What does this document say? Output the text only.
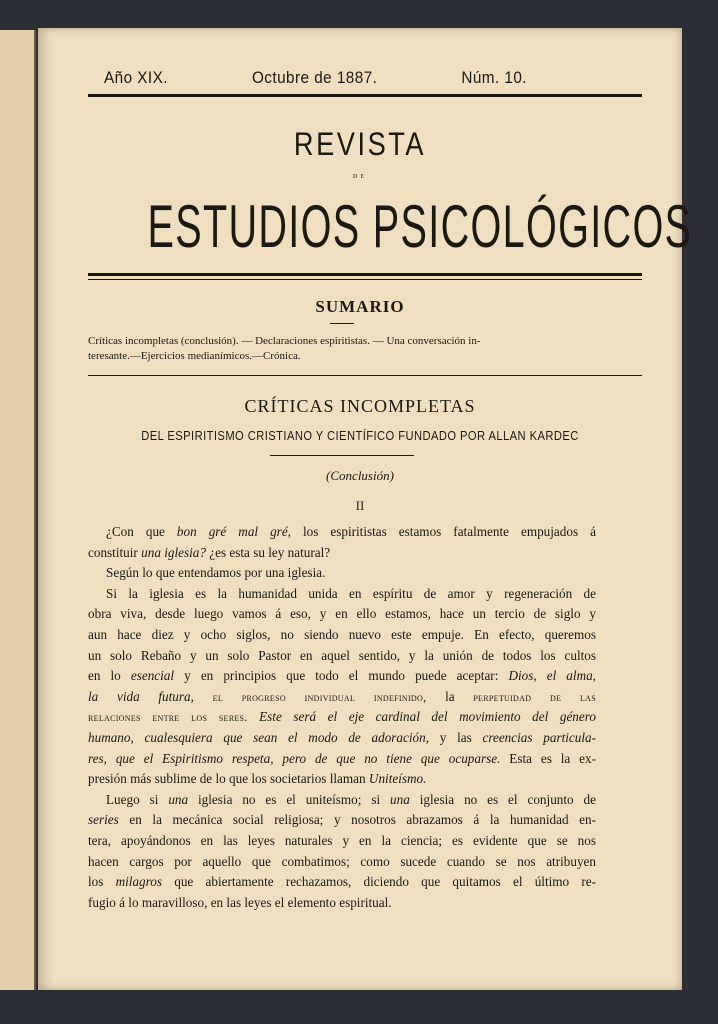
Año XIX.	Octubre de 1887.	Núm. 10.
REVISTA
DE
ESTUDIOS PSICOLÓGICOS
SUMARIO
Críticas incompletas (conclusión). — Declaraciones espiritistas. — Una conversación in-
teresante.—Ejercicios medianímicos.—Crónica.
CRÍTICAS INCOMPLETAS
DEL ESPIRITISMO CRISTIANO Y CIENTÍFICO FUNDADO POR ALLAN KARDEC
(Conclusión)
II
¿Con que bon gré mal gré, los espiritistas estamos fatalmente empujados á
constituir una iglesia? ¿es esta su ley natural?
Según lo que entendamos por una iglesia.
Si la iglesia es la humanidad unida en espíritu de amor y regeneración de
obra viva, desde luego vamos á eso, y en ello estamos, hace un tercio de siglo y
aun hace diez y ocho siglos, no siendo nuevo este empuje. En efecto, queremos
un solo Rebaño y un solo Pastor en aquel sentido, y la unión de todos los cultos
en lo esencial y en principios que todo el mundo puede aceptar: Dios, el alma,
la vida futura, el progreso individual indefinido, la perpetuidad de las
relaciones entre los seres. Este será el eje cardinal del movimiento del género
humano, cualesquiera que sean el modo de adoración, y las creencias particula-
res, que el Espiritismo respeta, pero de que no tiene que ocuparse. Esta es la ex-
presión más sublime de lo que los societarios llaman Uniteísmo.
Luego si una iglesia no es el uniteísmo; si una iglesia no es el conjunto de
series en la mecánica social religiosa; y nosotros abrazamos á la humanidad en-
tera, apoyándonos en las leyes naturales y en la ciencia; es evidente que se nos
hacen cargos por aquello que combatimos; como sucede cuando se nos atribuyen
los milagros que abiertamente rechazamos, diciendo que quitamos el último re-
fugio á lo maravilloso, en las leyes el elemento espiritual.
